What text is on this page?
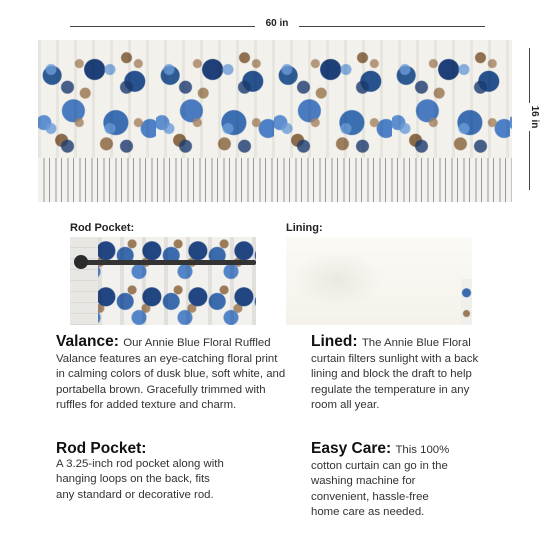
60 in
16 in
Rod Pocket:	Lining:
Valance: Our Annie Blue Floral Ruffled Valance features an eye-catching floral print in calming colors of dusk blue, soft white, and portabella brown. Gracefully trimmed with ruffles for added texture and charm.
Lined: The Annie Blue Floral curtain filters sunlight with a back lining and block the draft to help regulate the temperature in any room all year.
Rod Pocket:
A 3.25-inch rod pocket along with hanging loops on the back, fits any standard or decorative rod.
Easy Care: This 100% cotton curtain can go in the washing machine for convenient, hassle-free home care as needed.
